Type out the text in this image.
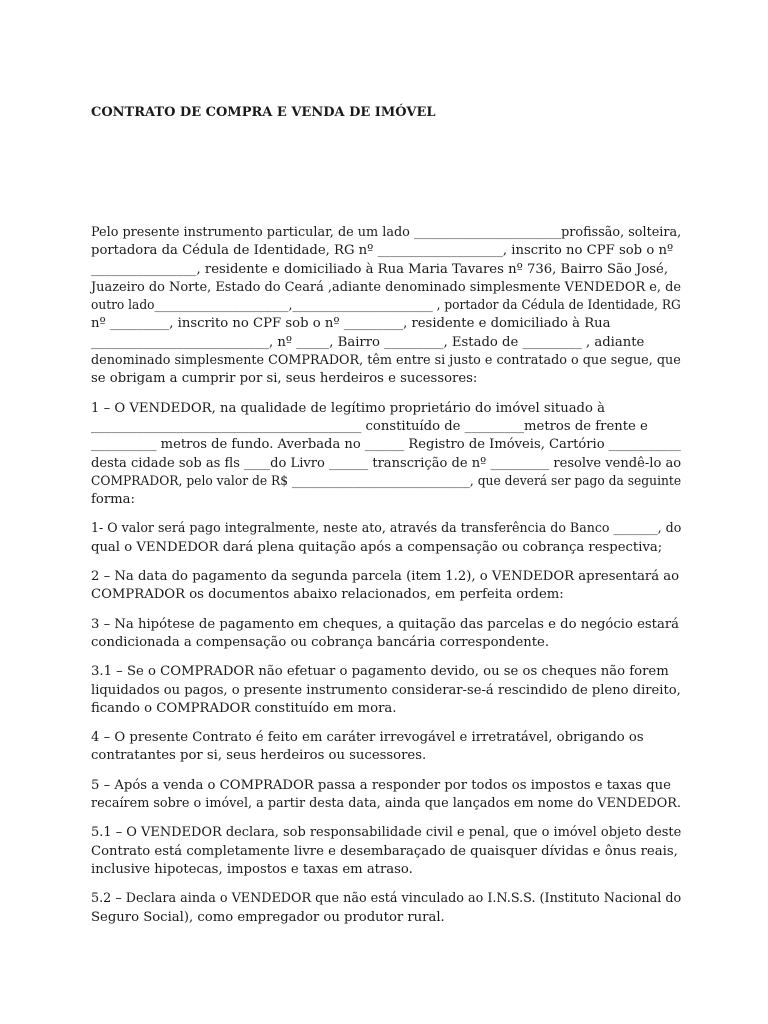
CONTRATO DE COMPRA E VENDA DE IMÓVEL

Pelo presente instrumento particular, de um lado _______________________profissão, solteira,
portadora da Cédula de Identidade, RG nº ___________________, inscrito no CPF sob o nº
________________, residente e domiciliado à Rua Maria Tavares nº 736, Bairro São José,
Juazeiro do Norte, Estado do Ceará ,adiante denominado simplesmente VENDEDOR e, de
outro lado______________________,_______________________ , portador da Cédula de Identidade, RG
nº _________, inscrito no CPF sob o nº _________, residente e domiciliado à Rua
___________________________, nº _____, Bairro _________, Estado de _________ , adiante
denominado simplesmente COMPRADOR, têm entre si justo e contratado o que segue, que
se obrigam a cumprir por si, seus herdeiros e sucessores:

1 – O VENDEDOR, na qualidade de legítimo proprietário do imóvel situado à
_________________________________________ constituído de _________metros de frente e
__________ metros de fundo. Averbada no ______ Registro de Imóveis, Cartório ___________
desta cidade sob as fls ____do Livro ______ transcrição de nº _________ resolve vendê-lo ao
COMPRADOR, pelo valor de R$ _____________________________, que deverá ser pago da seguinte
forma:

1- O valor será pago integralmente, neste ato, através da transferência do Banco _______, do
qual o VENDEDOR dará plena quitação após a compensação ou cobrança respectiva;

2 – Na data do pagamento da segunda parcela (item 1.2), o VENDEDOR apresentará ao
COMPRADOR os documentos abaixo relacionados, em perfeita ordem:

3 – Na hipótese de pagamento em cheques, a quitação das parcelas e do negócio estará
condicionada a compensação ou cobrança bancária correspondente.

3.1 – Se o COMPRADOR não efetuar o pagamento devido, ou se os cheques não forem
liquidados ou pagos, o presente instrumento considerar-se-á rescindido de pleno direito,
ficando o COMPRADOR constituído em mora.

4 – O presente Contrato é feito em caráter irrevogável e irretratável, obrigando os
contratantes por si, seus herdeiros ou sucessores.

5 – Após a venda o COMPRADOR passa a responder por todos os impostos e taxas que
recaírem sobre o imóvel, a partir desta data, ainda que lançados em nome do VENDEDOR.

5.1 – O VENDEDOR declara, sob responsabilidade civil e penal, que o imóvel objeto deste
Contrato está completamente livre e desembaraçado de quaisquer dívidas e ônus reais,
inclusive hipotecas, impostos e taxas em atraso.

5.2 – Declara ainda o VENDEDOR que não está vinculado ao I.N.S.S. (Instituto Nacional do
Seguro Social), como empregador ou produtor rural.
